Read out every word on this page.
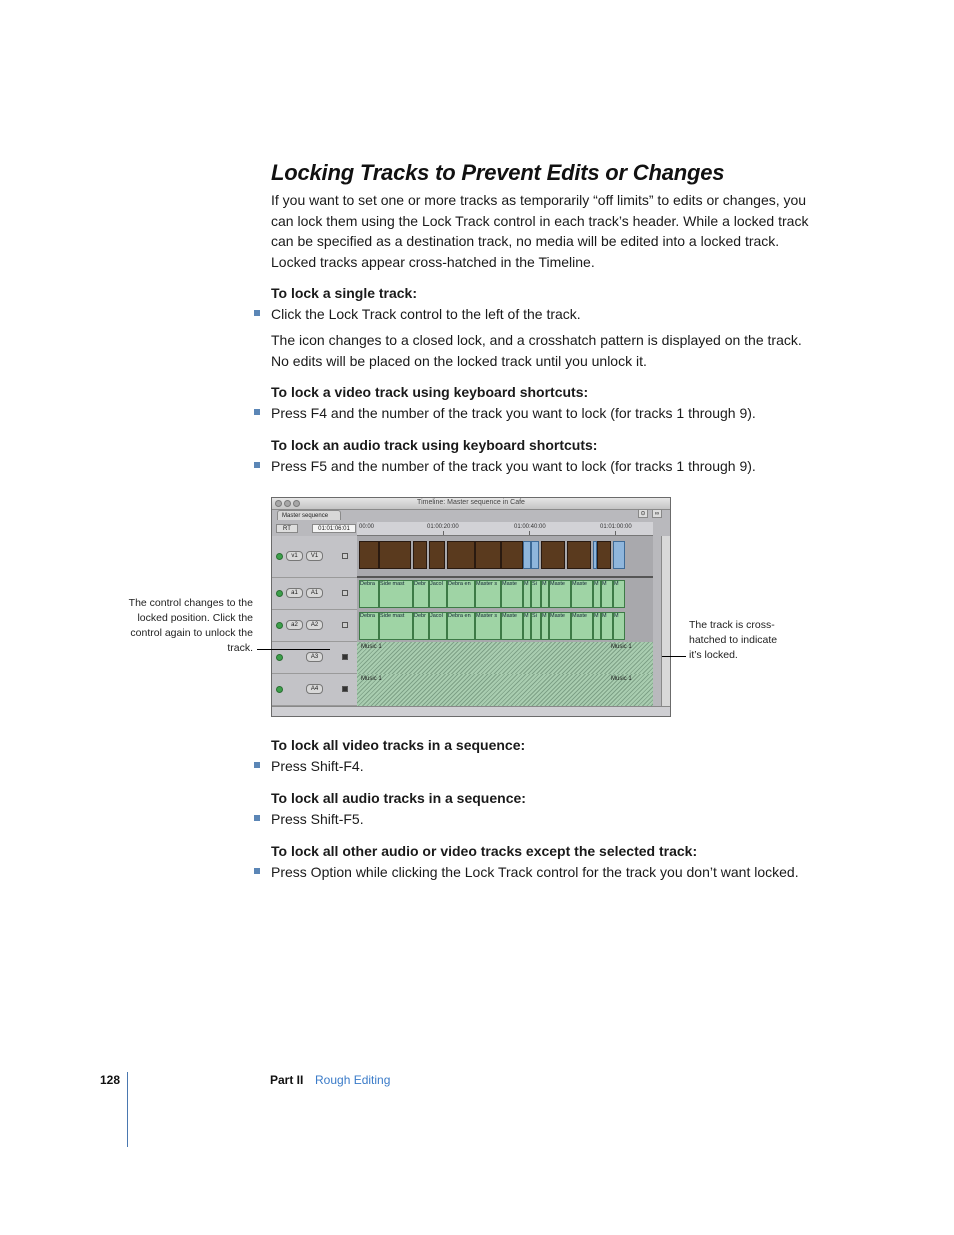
Locking Tracks to Prevent Edits or Changes

If you want to set one or more tracks as temporarily “off limits” to edits or changes, you can lock them using the Lock Track control in each track’s header. While a locked track can be specified as a destination track, no media will be edited into a locked track. Locked tracks appear cross-hatched in the Timeline.

To lock a single track:
Click the Lock Track control to the left of the track.

The icon changes to a closed lock, and a crosshatch pattern is displayed on the track. No edits will be placed on the locked track until you unlock it.

To lock a video track using keyboard shortcuts:
Press F4 and the number of the track you want to lock (for tracks 1 through 9).
To lock an audio track using keyboard shortcuts:
Press F5 and the number of the track you want to lock (for tracks 1 through 9).
Timeline: Master sequence in Cafe
Master sequence	⊙	∞
RT	01:01:06:01	00:00	01:00:20:00	01:00:40:00	01:01:00:00
v1	V1
a1	A1
a2	A2
A3
A4
Debra Side mast	Debr Jacol Debra en Master s Maste	M Si M Maste	Maste	M M	M
Debra Side mast	Debr Jacol Debra en Master s Maste	M Si M Maste	Maste	M M	M
Music 1	Music 1
Music 1	Music 1
The control changes to the locked position. Click the control again to unlock the track.
The track is cross-hatched to indicate it’s locked.
To lock all video tracks in a sequence:
Press Shift-F4.
To lock all audio tracks in a sequence:
Press Shift-F5.
To lock all other audio or video tracks except the selected track:
Press Option while clicking the Lock Track control for the track you don’t want locked.
128	Part II Rough Editing
